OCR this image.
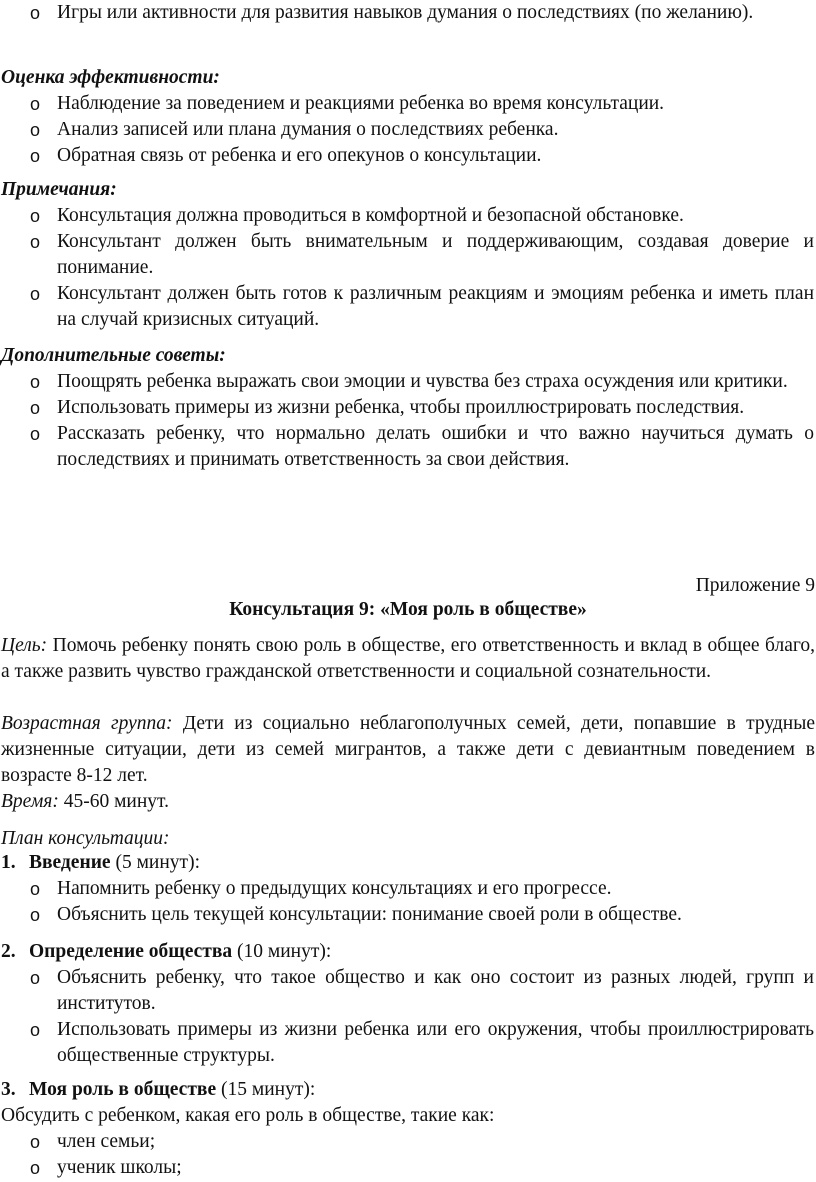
o Игры или активности для развития навыков думания о последствиях (по желанию).
Оценка эффективности:
o Наблюдение за поведением и реакциями ребенка во время консультации.
o Анализ записей или плана думания о последствиях ребенка.
o Обратная связь от ребенка и его опекунов о консультации.
Примечания:
o Консультация должна проводиться в комфортной и безопасной обстановке.
o Консультант должен быть внимательным и поддерживающим, создавая доверие и понимание.
o Консультант должен быть готов к различным реакциям и эмоциям ребенка и иметь план на случай кризисных ситуаций.
Дополнительные советы:
o Поощрять ребенка выражать свои эмоции и чувства без страха осуждения или критики.
o Использовать примеры из жизни ребенка, чтобы проиллюстрировать последствия.
o Рассказать ребенку, что нормально делать ошибки и что важно научиться думать о последствиях и принимать ответственность за свои действия.
Приложение 9
Консультация 9: «Моя роль в обществе»
Цель: Помочь ребенку понять свою роль в обществе, его ответственность и вклад в общее благо, а также развить чувство гражданской ответственности и социальной сознательности.
Возрастная группа: Дети из социально неблагополучных семей, дети, попавшие в трудные жизненные ситуации, дети из семей мигрантов, а также дети с девиантным поведением в возрасте 8-12 лет.
Время: 45-60 минут.
План консультации:
1. Введение (5 минут):
o Напомнить ребенку о предыдущих консультациях и его прогрессе.
o Объяснить цель текущей консультации: понимание своей роли в обществе.
2. Определение общества (10 минут):
o Объяснить ребенку, что такое общество и как оно состоит из разных людей, групп и институтов.
o Использовать примеры из жизни ребенка или его окружения, чтобы проиллюстрировать общественные структуры.
3. Моя роль в обществе (15 минут):
Обсудить с ребенком, какая его роль в обществе, такие как:
o член семьи;
o ученик школы;
